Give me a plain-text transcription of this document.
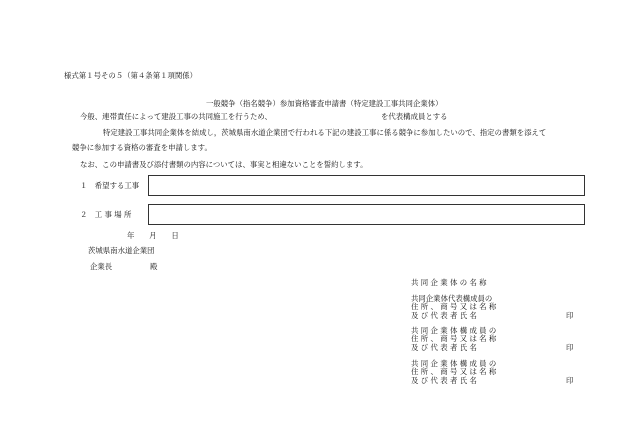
様式第１号その５（第４条第１項関係）
一般競争（指名競争）参加資格審査申請書（特定建設工事共同企業体）
今般、連帯責任によって建設工事の共同施工を行うため、	を代表構成員とする
特定建設工事共同企業体を結成し，茨城県南水道企業団で行われる下記の建設工事に係る競争に参加したいので、指定の書類を添えて
競争に参加する資格の審査を申請します。
なお、この申請書及び添付書類の内容については、事実と相違ないことを誓約します。
１　希望する工事
２　工 事 場 所
年　　月　　日
茨城県南水道企業団
企業長	殿
共 同 企 業 体 の 名 称
共同企業体代表構成員の
住 所 、 商 号 又 は 名 称
及 び 代 表 者 氏 名	印
共 同 企 業 体 構 成 員 の
住 所 、 商 号 又 は 名 称
及 び 代 表 者 氏 名	印
共 同 企 業 体 構 成 員 の
住 所 、 商 号 又 は 名 称
及 び 代 表 者 氏 名	印
